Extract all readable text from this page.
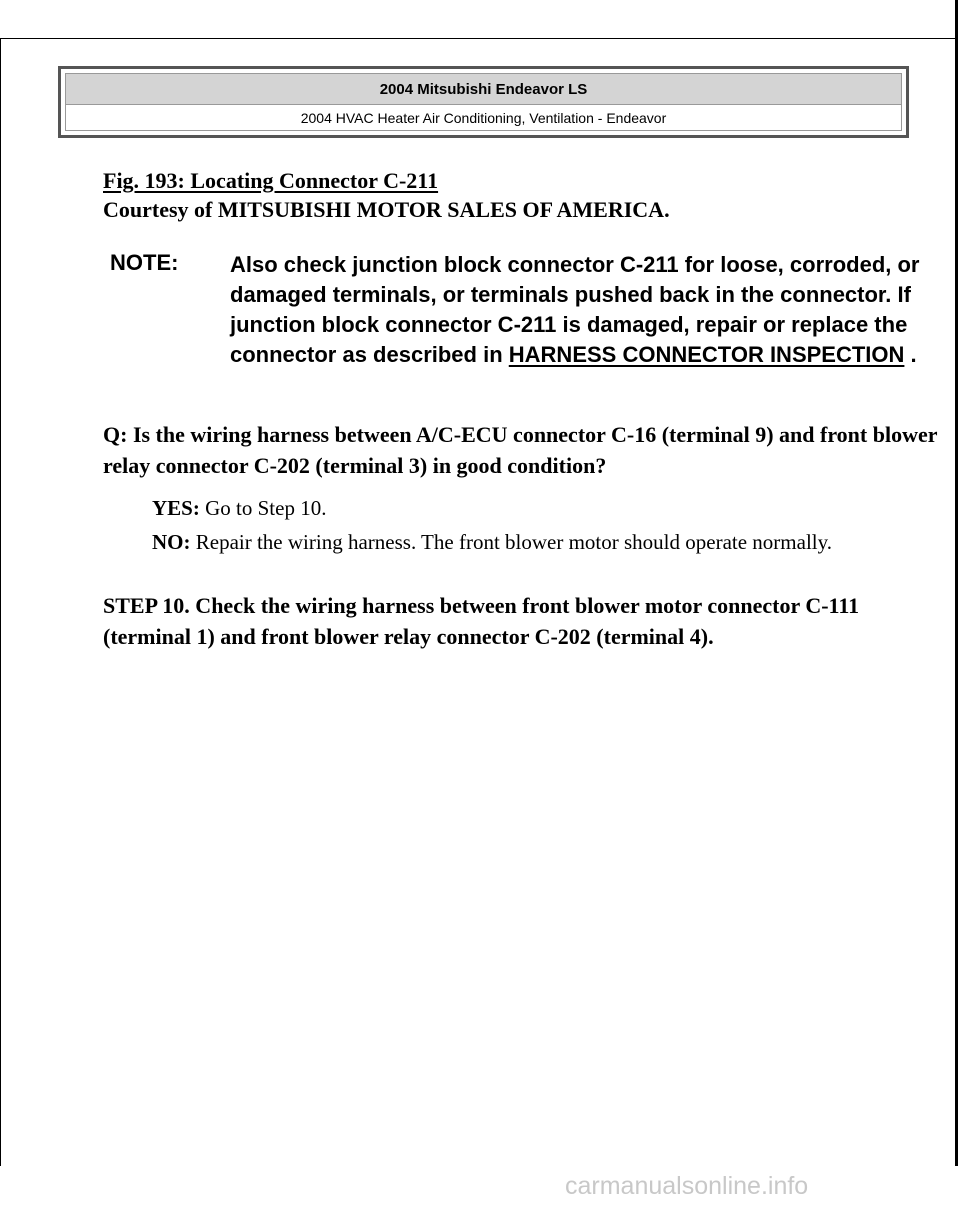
2004 Mitsubishi Endeavor LS
2004 HVAC Heater Air Conditioning, Ventilation - Endeavor
Fig. 193: Locating Connector C-211
Courtesy of MITSUBISHI MOTOR SALES OF AMERICA.
NOTE: Also check junction block connector C-211 for loose, corroded, or damaged terminals, or terminals pushed back in the connector. If junction block connector C-211 is damaged, repair or replace the connector as described in HARNESS CONNECTOR INSPECTION .
Q: Is the wiring harness between A/C-ECU connector C-16 (terminal 9) and front blower relay connector C-202 (terminal 3) in good condition?
YES: Go to Step 10.
NO: Repair the wiring harness. The front blower motor should operate normally.
STEP 10. Check the wiring harness between front blower motor connector C-111 (terminal 1) and front blower relay connector C-202 (terminal 4).
carmanualsonline.info
